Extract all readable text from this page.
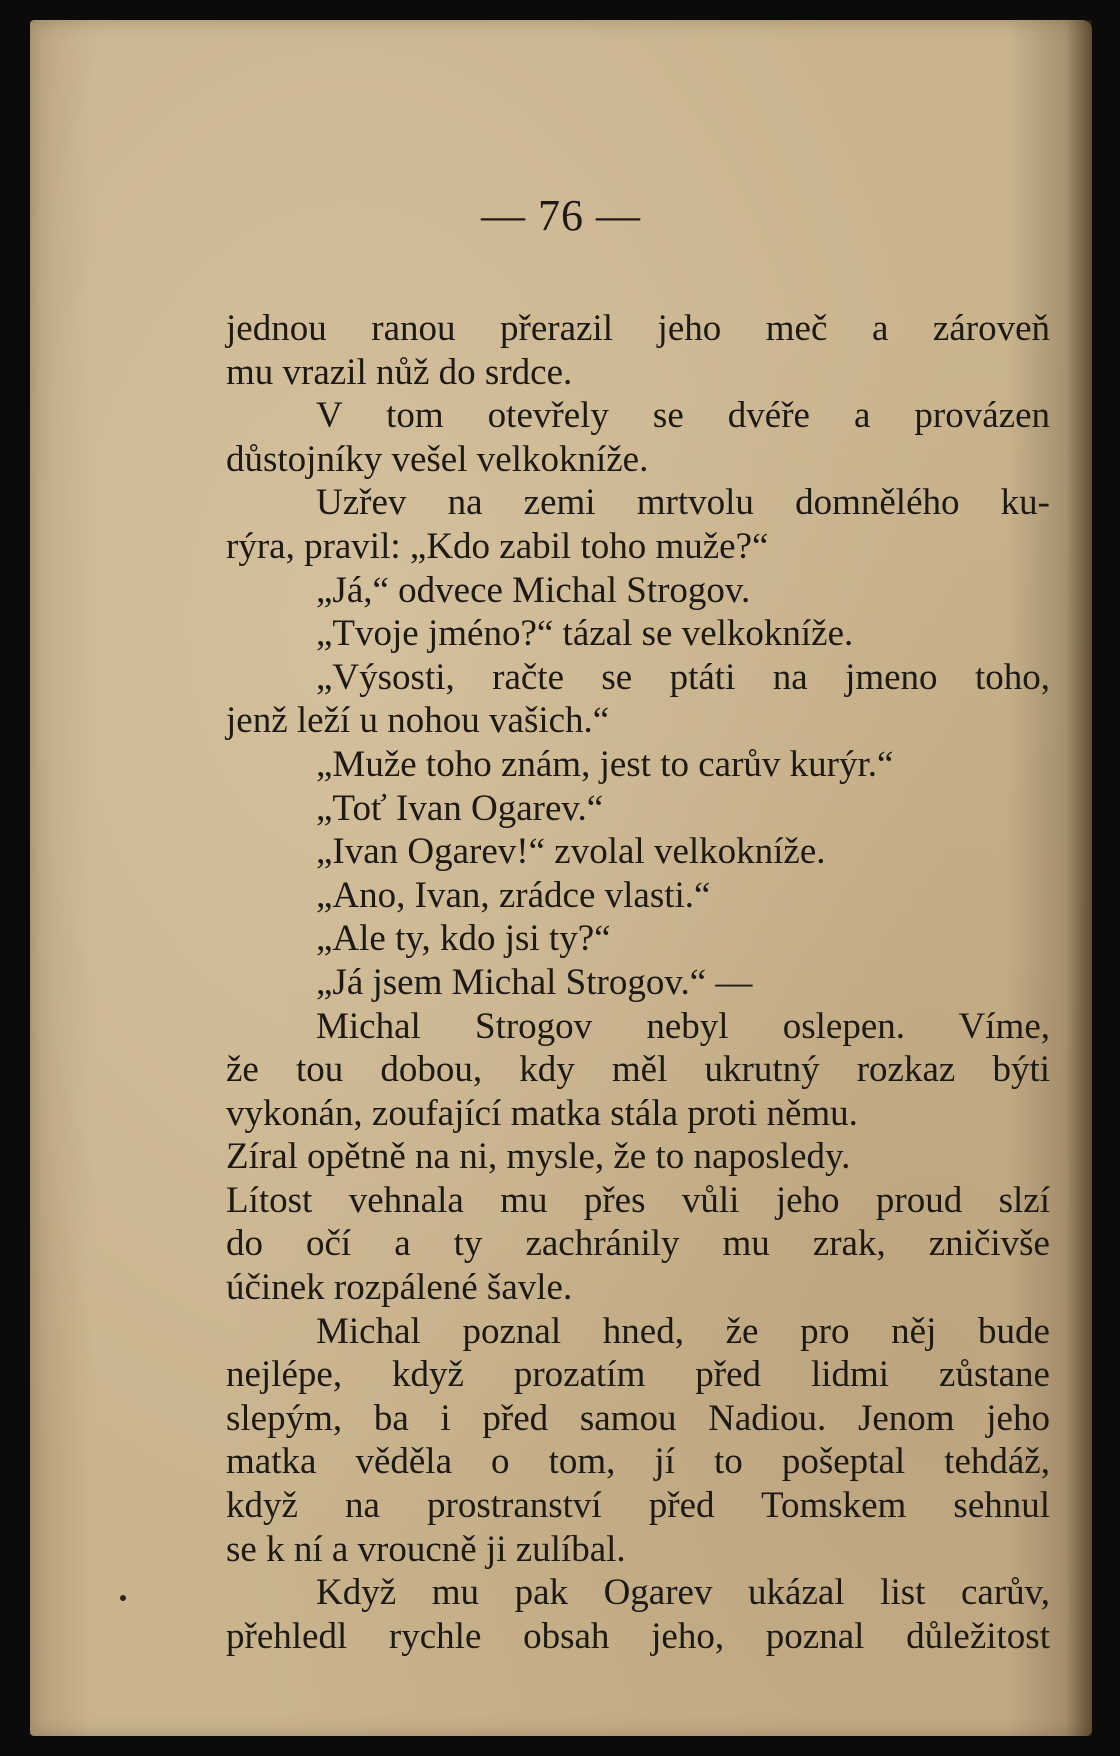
— 76 —
jednou ranou přerazil jeho meč a zároveň
mu vrazil nůž do srdce.
V tom otevřely se dvéře a provázen
důstojníky vešel velkokníže.
Uzřev na zemi mrtvolu domnělého ku-
rýra, pravil: „Kdo zabil toho muže?“
„Já,“ odvece Michal Strogov.
„Tvoje jméno?“ tázal se velkokníže.
„Výsosti, račte se ptáti na jmeno toho,
jenž leží u nohou vašich.“
„Muže toho znám, jest to carův kurýr.“
„Toť Ivan Ogarev.“
„Ivan Ogarev!“ zvolal velkokníže.
„Ano, Ivan, zrádce vlasti.“
„Ale ty, kdo jsi ty?“
„Já jsem Michal Strogov.“ —
Michal Strogov nebyl oslepen. Víme,
že tou dobou, kdy měl ukrutný rozkaz býti
vykonán, zoufající matka stála proti němu.
Zíral opětně na ni, mysle, že to naposledy.
Lítost vehnala mu přes vůli jeho proud slzí
do očí a ty zachránily mu zrak, zničivše
účinek rozpálené šavle.
Michal poznal hned, že pro něj bude
nejlépe, když prozatím před lidmi zůstane
slepým, ba i před samou Nadiou. Jenom jeho
matka věděla o tom, jí to pošeptal tehdáž,
když na prostranství před Tomskem sehnul
se k ní a vroucně ji zulíbal.
Když mu pak Ogarev ukázal list carův,
přehledl rychle obsah jeho, poznal důležitost
